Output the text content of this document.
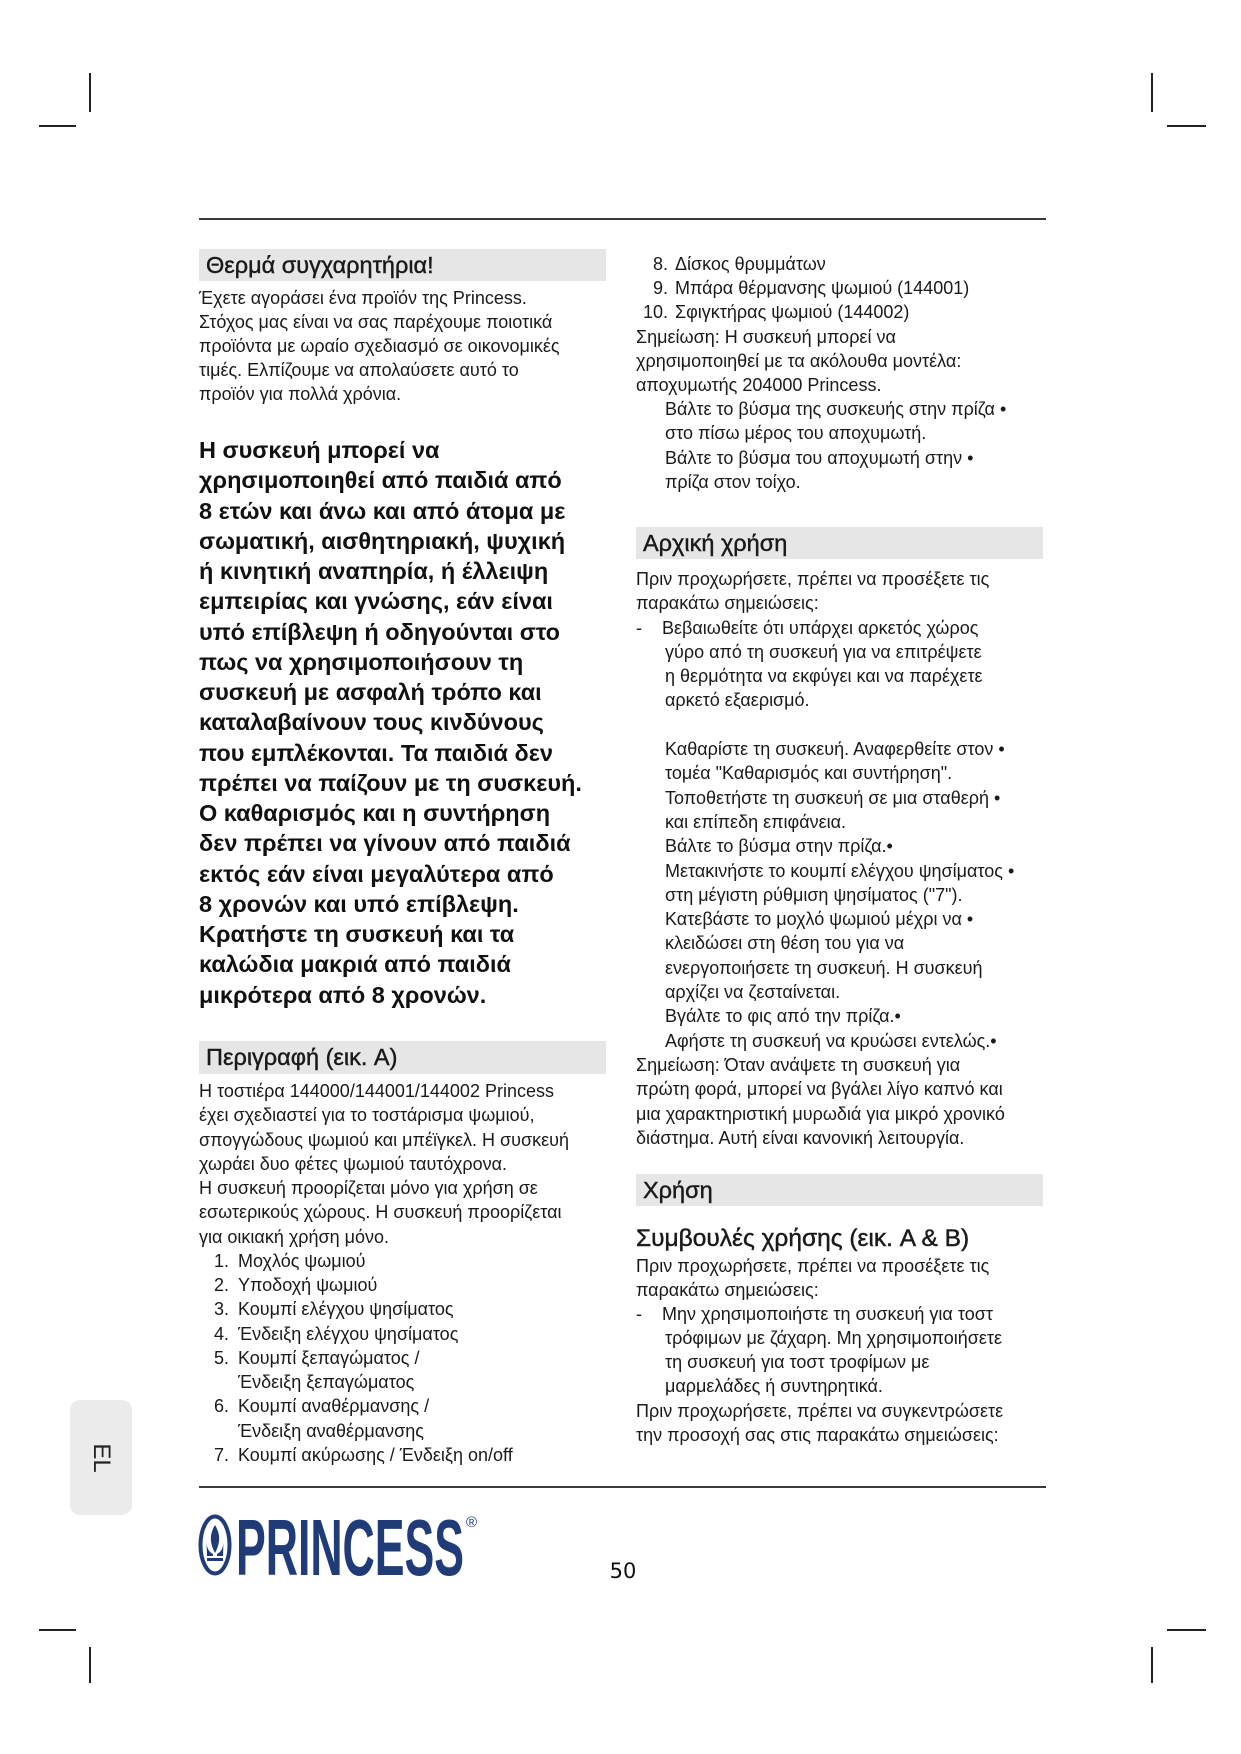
Θερμά συγχαρητήρια!
Έχετε αγοράσει ένα προϊόν της Princess.
Στόχος μας είναι να σας παρέχουμε ποιοτικά
προϊόντα με ωραίο σχεδιασμό σε οικονομικές
τιμές. Ελπίζουμε να απολαύσετε αυτό το
προϊόν για πολλά χρόνια.
Η συσκευή μπορεί να
χρησιμοποιηθεί από παιδιά από
8 ετών και άνω και από άτομα με
σωματική, αισθητηριακή, ψυχική
ή κινητική αναπηρία, ή έλλειψη
εμπειρίας και γνώσης, εάν είναι
υπό επίβλεψη ή οδηγούνται στο
πως να χρησιμοποιήσουν τη
συσκευή με ασφαλή τρόπο και
καταλαβαίνουν τους κινδύνους
που εμπλέκονται. Τα παιδιά δεν
πρέπει να παίζουν με τη συσκευή.
Ο καθαρισμός και η συντήρηση
δεν πρέπει να γίνουν από παιδιά
εκτός εάν είναι μεγαλύτερα από
8 χρονών και υπό επίβλεψη.
Κρατήστε τη συσκευή και τα
καλώδια μακριά από παιδιά
μικρότερα από 8 χρονών.
Περιγραφή (εικ. A)
Η τοστιέρα 144000/144001/144002 Princess
έχει σχεδιαστεί για το τοστάρισμα ψωμιού,
σπογγώδους ψωμιού και μπέϊγκελ. Η συσκευή
χωράει δυο φέτες ψωμιού ταυτόχρονα.
Η συσκευή προορίζεται μόνο για χρήση σε
εσωτερικούς χώρους. Η συσκευή προορίζεται
για οικιακή χρήση μόνο.
1. Μοχλός ψωμιού
2. Υποδοχή ψωμιού
3. Κουμπί ελέγχου ψησίματος
4. Ένδειξη ελέγχου ψησίματος
5. Κουμπί ξεπαγώματος /
Ένδειξη ξεπαγώματος
6. Κουμπί αναθέρμανσης /
Ένδειξη αναθέρμανσης
7. Κουμπί ακύρωσης / Ένδειξη on/off
8. Δίσκος θρυμμάτων
9. Μπάρα θέρμανσης ψωμιού (144001)
10. Σφιγκτήρας ψωμιού (144002)
Σημείωση: Η συσκευή μπορεί να
χρησιμοποιηθεί με τα ακόλουθα μοντέλα:
αποχυμωτής 204000 Princess.
Βάλτε το βύσμα της συσκευής στην πρίζα •
στο πίσω μέρος του αποχυμωτή.
Βάλτε το βύσμα του αποχυμωτή στην •
πρίζα στον τοίχο.
Αρχική χρήση
Πριν προχωρήσετε, πρέπει να προσέξετε τις
παρακάτω σημειώσεις:
- Βεβαιωθείτε ότι υπάρχει αρκετός χώρος
γύρο από τη συσκευή για να επιτρέψετε
η θερμότητα να εκφύγει και να παρέχετε
αρκετό εξαερισμό.
Καθαρίστε τη συσκευή. Αναφερθείτε στον •
τομέα "Καθαρισμός και συντήρηση".
Τοποθετήστε τη συσκευή σε μια σταθερή •
και επίπεδη επιφάνεια.
Βάλτε το βύσμα στην πρίζα.•
Μετακινήστε το κουμπί ελέγχου ψησίματος •
στη μέγιστη ρύθμιση ψησίματος ("7").
Κατεβάστε το μοχλό ψωμιού μέχρι να •
κλειδώσει στη θέση του για να
ενεργοποιήσετε τη συσκευή. Η συσκευή
αρχίζει να ζεσταίνεται.
Βγάλτε το φις από την πρίζα.•
Αφήστε τη συσκευή να κρυώσει εντελώς.•
Σημείωση: Όταν ανάψετε τη συσκευή για
πρώτη φορά, μπορεί να βγάλει λίγο καπνό και
μια χαρακτηριστική μυρωδιά για μικρό χρονικό
διάστημα. Αυτή είναι κανονική λειτουργία.
Χρήση
Συμβουλές χρήσης (εικ. A & B)
Πριν προχωρήσετε, πρέπει να προσέξετε τις
παρακάτω σημειώσεις:
- Μην χρησιμοποιήστε τη συσκευή για τοστ
τρόφιμων με ζάχαρη. Μη χρησιμοποιήσετε
τη συσκευή για τοστ τροφίμων με
μαρμελάδες ή συντηρητικά.
Πριν προχωρήσετε, πρέπει να συγκεντρώσετε
την προσοχή σας στις παρακάτω σημειώσεις:
EL
PRINCESS ®
50
